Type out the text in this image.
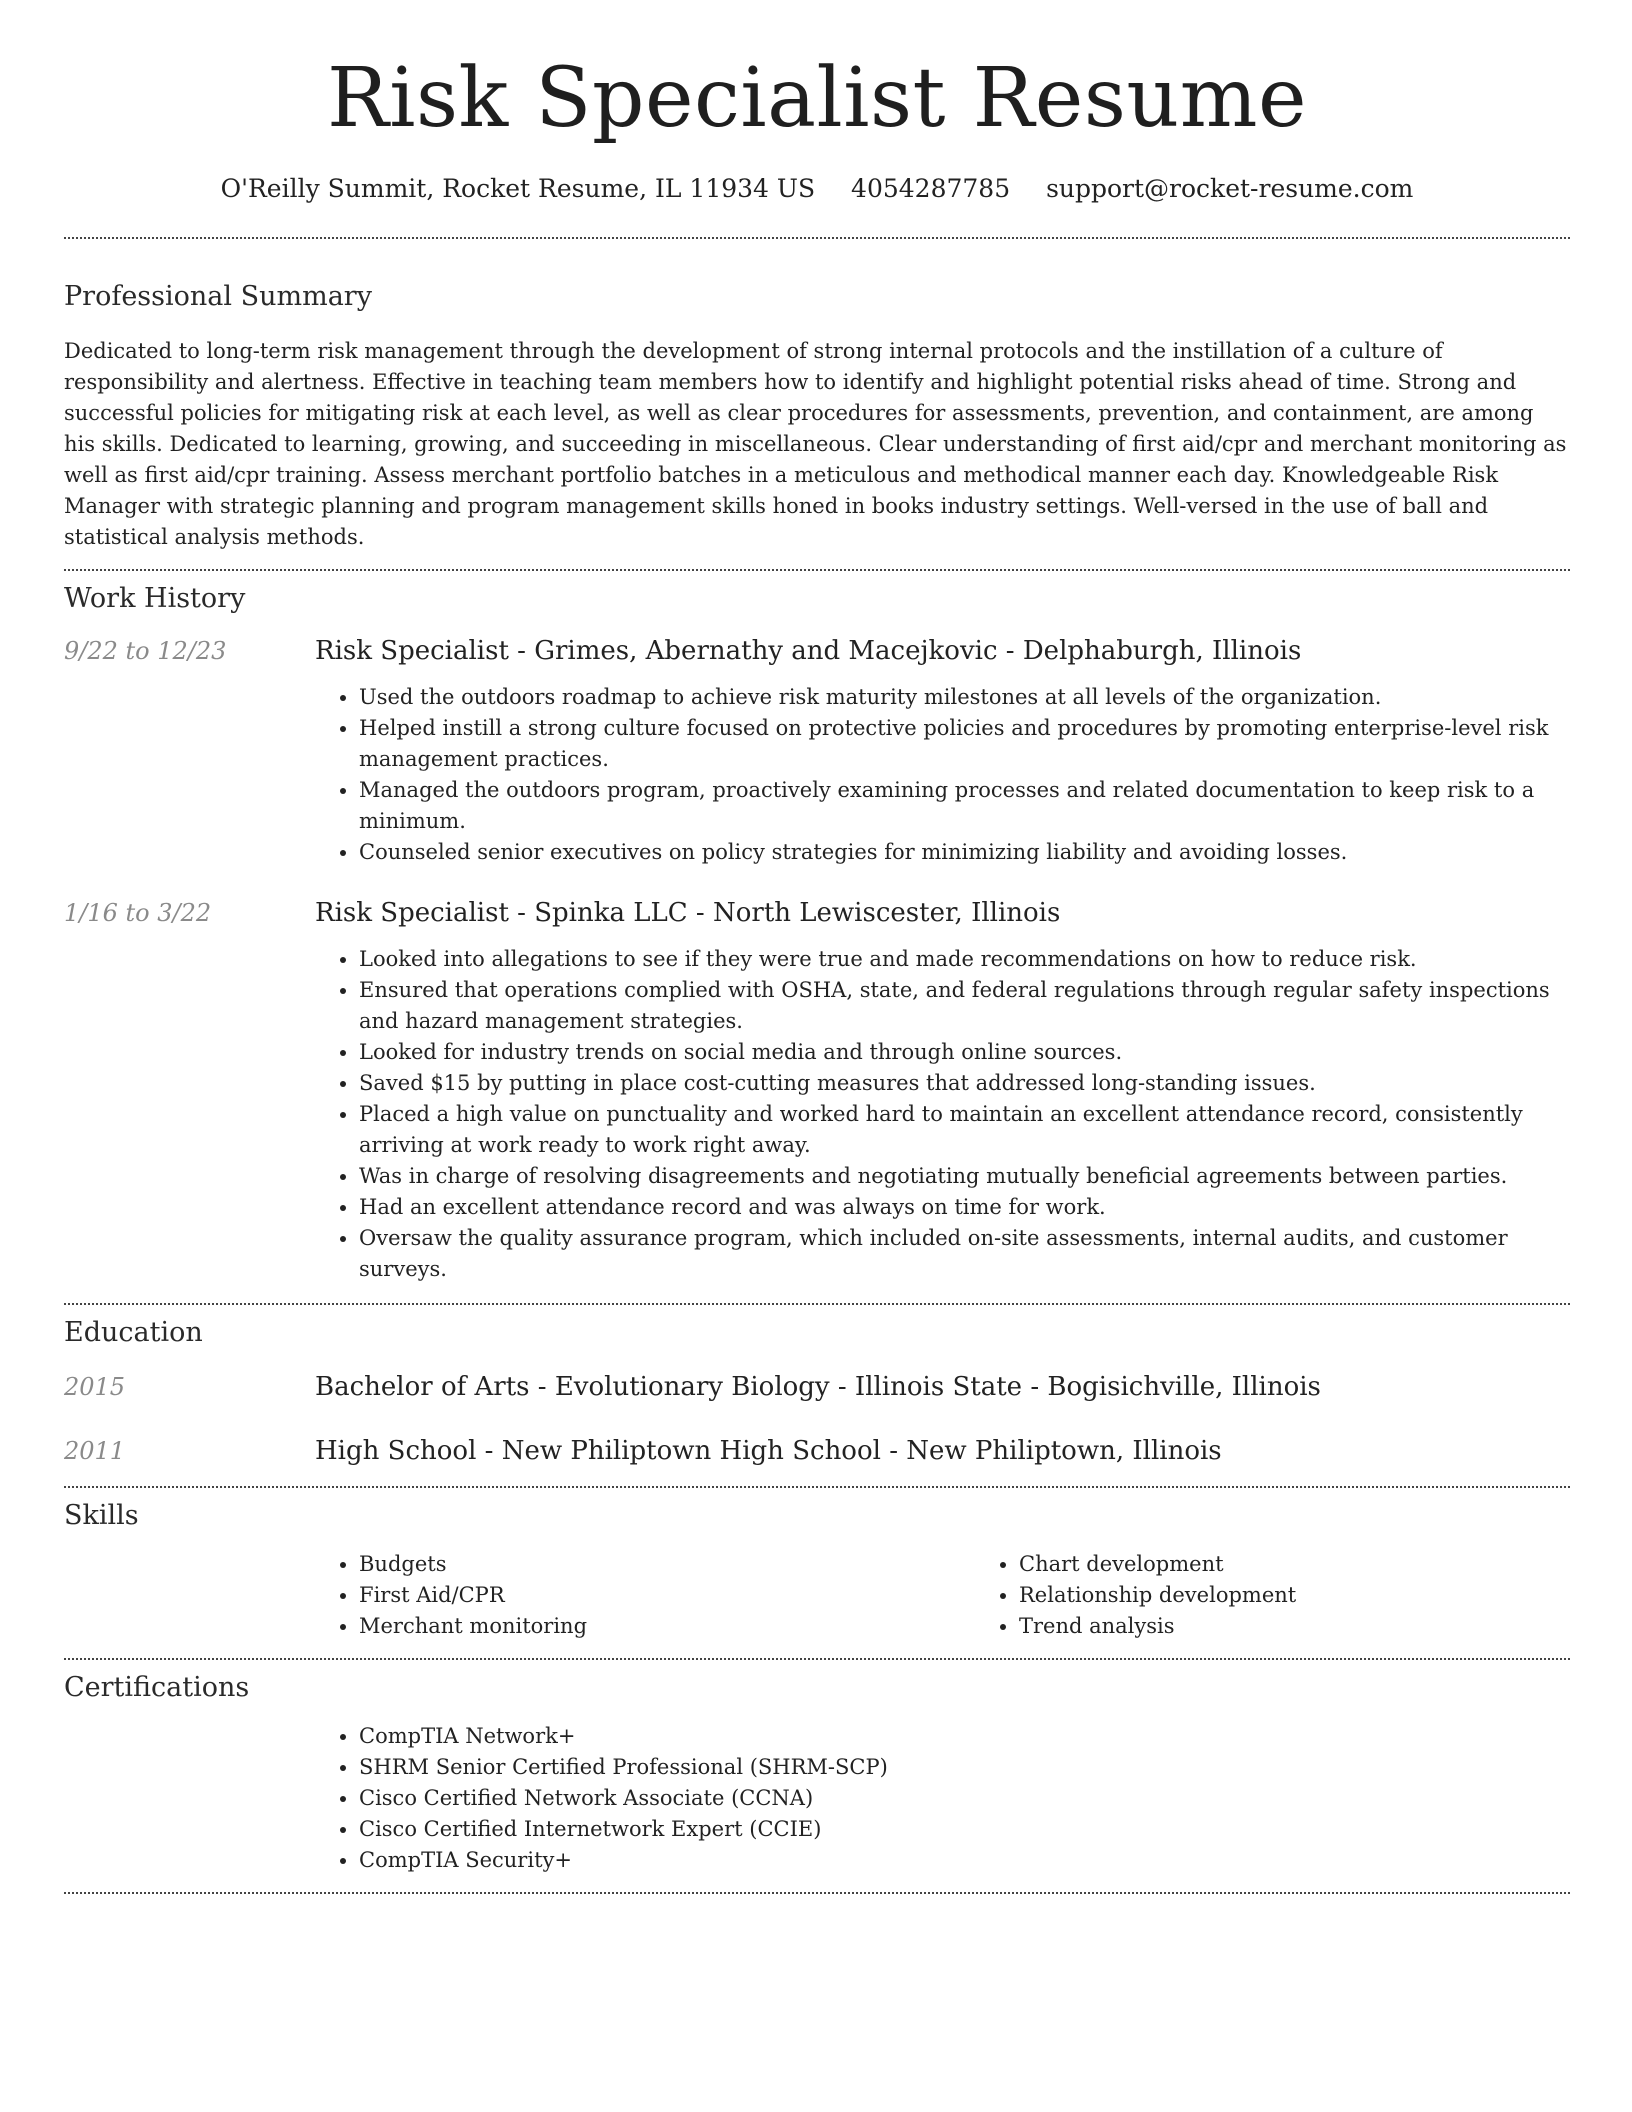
Risk Specialist Resume
O'Reilly Summit, Rocket Resume, IL 11934 US 4054287785 support@rocket-resume.com
Professional Summary

Dedicated to long-term risk management through the development of strong internal protocols and the instillation of a culture of responsibility and alertness. Effective in teaching team members how to identify and highlight potential risks ahead of time. Strong and successful policies for mitigating risk at each level, as well as clear procedures for assessments, prevention, and containment, are among his skills. Dedicated to learning, growing, and succeeding in miscellaneous. Clear understanding of first aid/cpr and merchant monitoring as well as first aid/cpr training. Assess merchant portfolio batches in a meticulous and methodical manner each day. Knowledgeable Risk Manager with strategic planning and program management skills honed in books industry settings. Well-versed in the use of ball and statistical analysis methods.

Work History
9/22 to 12/23	Risk Specialist - Grimes, Abernathy and Macejkovic - Delphaburgh, Illinois
• Used the outdoors roadmap to achieve risk maturity milestones at all levels of the organization.
• Helped instill a strong culture focused on protective policies and procedures by promoting enterprise-level risk management practices.
• Managed the outdoors program, proactively examining processes and related documentation to keep risk to a minimum.
• Counseled senior executives on policy strategies for minimizing liability and avoiding losses.
1/16 to 3/22	Risk Specialist - Spinka LLC - North Lewiscester, Illinois
• Looked into allegations to see if they were true and made recommendations on how to reduce risk.
• Ensured that operations complied with OSHA, state, and federal regulations through regular safety inspections and hazard management strategies.
• Looked for industry trends on social media and through online sources.
• Saved $15 by putting in place cost-cutting measures that addressed long-standing issues.
• Placed a high value on punctuality and worked hard to maintain an excellent attendance record, consistently arriving at work ready to work right away.
• Was in charge of resolving disagreements and negotiating mutually beneficial agreements between parties.
• Had an excellent attendance record and was always on time for work.
• Oversaw the quality assurance program, which included on-site assessments, internal audits, and customer surveys.
Education
2015	Bachelor of Arts - Evolutionary Biology - Illinois State - Bogisichville, Illinois
2011	High School - New Philiptown High School - New Philiptown, Illinois
Skills
• Budgets
• First Aid/CPR
• Merchant monitoring
• Chart development
• Relationship development
• Trend analysis
Certifications
• CompTIA Network+
• SHRM Senior Certified Professional (SHRM-SCP)
• Cisco Certified Network Associate (CCNA)
• Cisco Certified Internetwork Expert (CCIE)
• CompTIA Security+
